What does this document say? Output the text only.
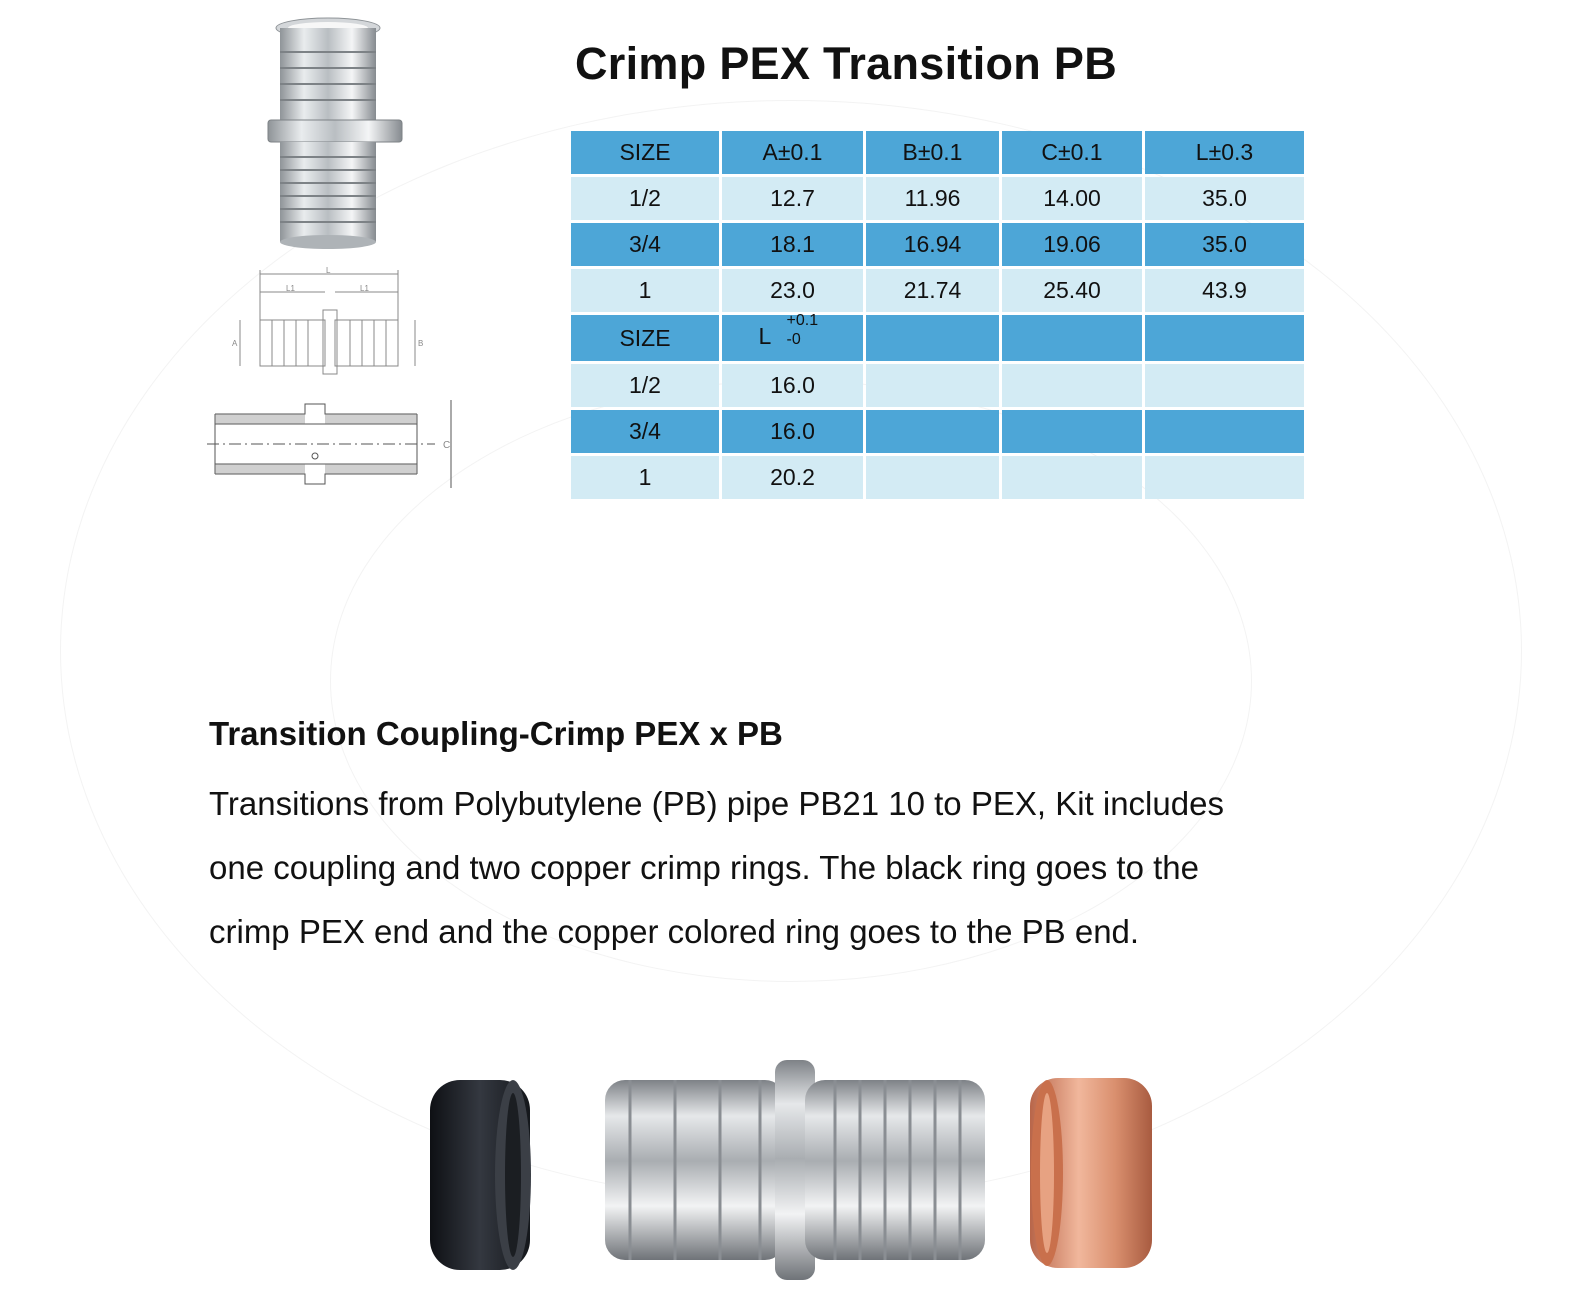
L
L1	L1
A	B
C
Crimp PEX Transition PB
SIZE	A±0.1	B±0.1	C±0.1	L±0.3
1/2	12.7	11.96	14.00	35.0
3/4	18.1	16.94	19.06	35.0
1	23.0	21.74	25.40	43.9
SIZE	L
+0.1
-0			

1/2	16.0			
3/4	16.0			
1	20.2			
Transition Coupling-Crimp PEX x PB

Transitions from Polybutylene (PB) pipe PB21 10 to PEX, Kit includes
one coupling and two copper crimp rings. The black ring goes to the
crimp PEX end and the copper colored ring goes to the PB end.
